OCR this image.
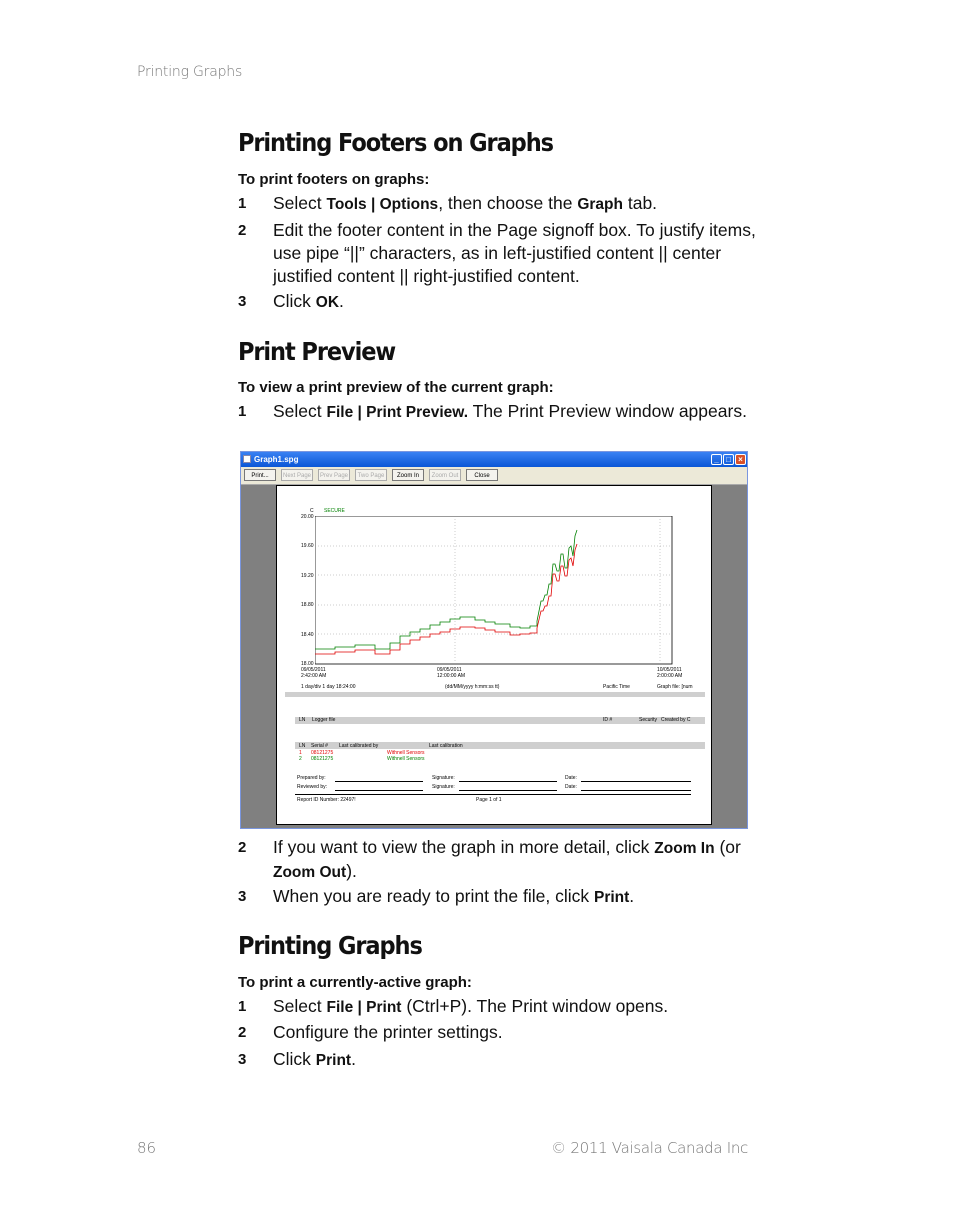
Printing Graphs
Printing Footers on Graphs
To print footers on graphs:
1 Select Tools | Options, then choose the Graph tab.
2 Edit the footer content in the Page signoff box. To justify items, use pipe “||” characters, as in left-justified content || center justified content || right-justified content.
3 Click OK.
Print Preview
To view a print preview of the current graph:
1 Select File | Print Preview. The Print Preview window appears.
Graph1.spg	_ □ ×
Print...	Next Page	Prev Page	Two Page	Zoom In	Zoom Out	Close
C SECURE
20.00
19.60
19.20
18.80
18.40
18.00
09/05/2011
2:42:00 AM
09/05/2011
12:00:00 AM
10/05/2011
2:00:00 AM
1 day/div 1 day 18:24:00	(dd/MM/yyyy h:mm:ss tt)	Pacific Time	Graph file: [num
LN Logger file	ID #	Security Created by C
LN Serial # Last calibrated by	Last calibration
1 08121275	Withnell Sensors
2 08121275	Withnell Sensors
Prepared by:	Signature:	Date:
Reviewed by:	Signature:	Date:
Report ID Number: 22497!	Page 1 of 1
2 If you want to view the graph in more detail, click Zoom In (or Zoom Out).
3 When you are ready to print the file, click Print.
Printing Graphs
To print a currently-active graph:
1 Select File | Print (Ctrl+P). The Print window opens.
2 Configure the printer settings.
3 Click Print.
86	© 2011 Vaisala Canada Inc
